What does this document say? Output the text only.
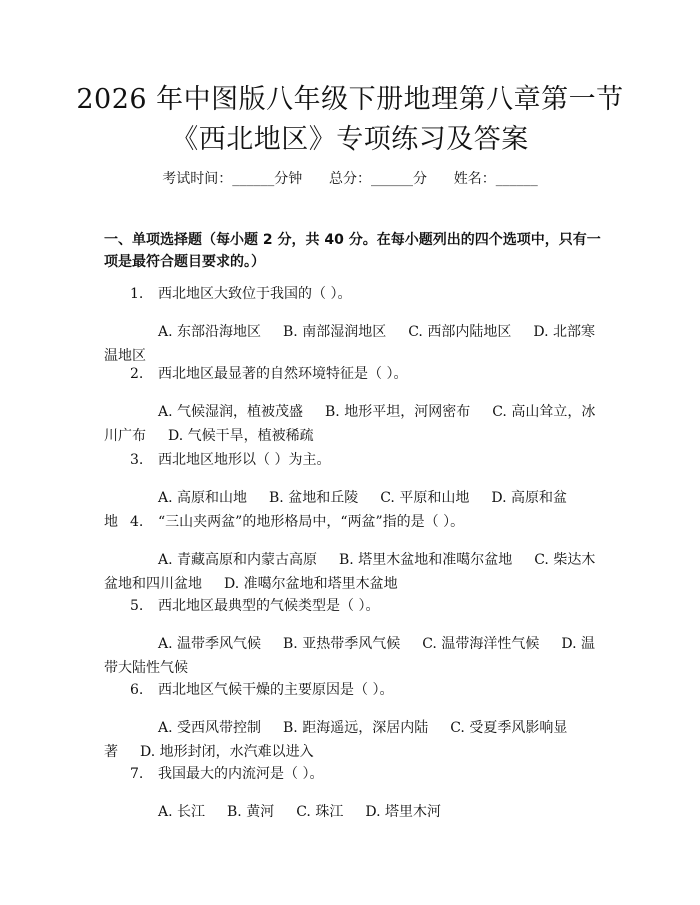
2026 年中图版八年级下册地理第八章第一节
《西北地区》专项练习及答案
考试时间：______分钟      总分：______分      姓名：______
一、单项选择题（每小题 2 分，共 40 分。在每小题列出的四个选项中，只有一项是最符合题目要求的。）
1. 西北地区大致位于我国的（ ）。
A. 东部沿海地区 B. 南部湿润地区 C. 西部内陆地区 D. 北部寒温地区
2. 西北地区最显著的自然环境特征是（ ）。
A. 气候湿润，植被茂盛 B. 地形平坦，河网密布 C. 高山耸立，冰川广布 D. 气候干旱，植被稀疏
3. 西北地区地形以（ ）为主。
A. 高原和山地 B. 盆地和丘陵 C. 平原和山地 D. 高原和盆地 4. “三山夹两盆”的地形格局中，“两盆”指的是（ ）。
A. 青藏高原和内蒙古高原 B. 塔里木盆地和准噶尔盆地 C. 柴达木盆地和四川盆地 D. 准噶尔盆地和塔里木盆地
5. 西北地区最典型的气候类型是（ ）。
A. 温带季风气候 B. 亚热带季风气候 C. 温带海洋性气候 D. 温带大陆性气候
6. 西北地区气候干燥的主要原因是（ ）。
A. 受西风带控制 B. 距海遥远，深居内陆 C. 受夏季风影响显著 D. 地形封闭，水汽难以进入
7. 我国最大的内流河是（ ）。
A. 长江 B. 黄河 C. 珠江 D. 塔里木河
